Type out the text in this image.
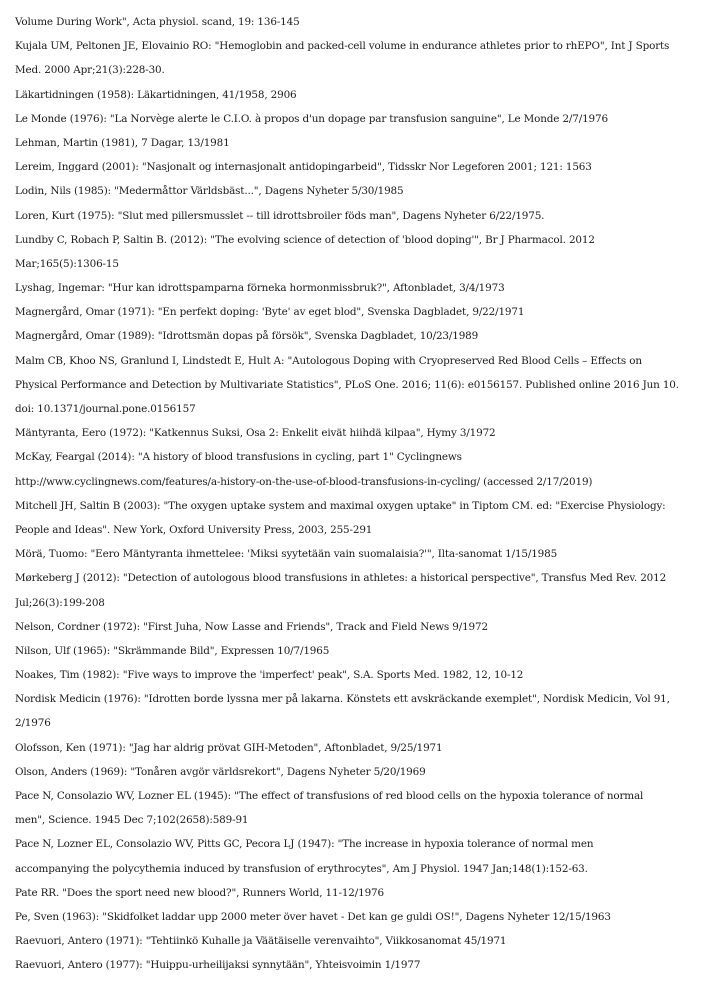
Volume During Work", Acta physiol. scand, 19: 136-145
Kujala UM, Peltonen JE, Elovainio RO: "Hemoglobin and packed-cell volume in endurance athletes prior to rhEPO", Int J Sports
Med. 2000 Apr;21(3):228-30.
Läkartidningen (1958): Läkartidningen, 41/1958, 2906
Le Monde (1976): "La Norvège alerte le C.I.O. à propos d'un dopage par transfusion sanguine", Le Monde 2/7/1976
Lehman, Martin (1981), 7 Dagar, 13/1981
Lereim, Inggard (2001): "Nasjonalt og internasjonalt antidopingarbeid", Tidsskr Nor Legeforen 2001; 121: 1563
Lodin, Nils (1985): "Medermåttor Världsbäst...", Dagens Nyheter 5/30/1985
Loren, Kurt (1975): "Slut med pillersmusslet -- till idrottsbroiler föds man", Dagens Nyheter 6/22/1975.
Lundby C, Robach P, Saltin B. (2012): "The evolving science of detection of 'blood doping'", Br J Pharmacol. 2012
Mar;165(5):1306-15
Lyshag, Ingemar: "Hur kan idrottspamparna förneka hormonmissbruk?", Aftonbladet, 3/4/1973
Magnergård, Omar (1971): "En perfekt doping: 'Byte' av eget blod", Svenska Dagbladet, 9/22/1971
Magnergård, Omar (1989): "Idrottsmän dopas på försök", Svenska Dagbladet, 10/23/1989
Malm CB, Khoo NS, Granlund I, Lindstedt E, Hult A: "Autologous Doping with Cryopreserved Red Blood Cells – Effects on
Physical Performance and Detection by Multivariate Statistics", PLoS One. 2016; 11(6): e0156157. Published online 2016 Jun 10.
doi: 10.1371/journal.pone.0156157
Mäntyranta, Eero (1972): "Katkennus Suksi, Osa 2: Enkelit eivät hiihdä kilpaa", Hymy 3/1972
McKay, Feargal (2014): "A history of blood transfusions in cycling, part 1" Cyclingnews
http://www.cyclingnews.com/features/a-history-on-the-use-of-blood-transfusions-in-cycling/ (accessed 2/17/2019)
Mitchell JH, Saltin B (2003): "The oxygen uptake system and maximal oxygen uptake" in Tiptom CM. ed: "Exercise Physiology:
People and Ideas". New York, Oxford University Press, 2003, 255-291
Mörä, Tuomo: "Eero Mäntyranta ihmettelee: 'Miksi syytetään vain suomalaisia?'", Ilta-sanomat 1/15/1985
Mørkeberg J (2012): "Detection of autologous blood transfusions in athletes: a historical perspective", Transfus Med Rev. 2012
Jul;26(3):199-208
Nelson, Cordner (1972): "First Juha, Now Lasse and Friends", Track and Field News 9/1972
Nilson, Ulf (1965): "Skrämmande Bild", Expressen 10/7/1965
Noakes, Tim (1982): "Five ways to improve the 'imperfect' peak", S.A. Sports Med. 1982, 12, 10-12
Nordisk Medicin (1976): "Idrotten borde lyssna mer på lakarna. Könstets ett avskräckande exemplet", Nordisk Medicin, Vol 91,
2/1976
Olofsson, Ken (1971): "Jag har aldrig prövat GIH-Metoden", Aftonbladet, 9/25/1971
Olson, Anders (1969): "Tonåren avgör världsrekort", Dagens Nyheter 5/20/1969
Pace N, Consolazio WV, Lozner EL (1945): "The effect of transfusions of red blood cells on the hypoxia tolerance of normal
men", Science. 1945 Dec 7;102(2658):589-91
Pace N, Lozner EL, Consolazio WV, Pitts GC, Pecora LJ (1947): "The increase in hypoxia tolerance of normal men
accompanying the polycythemia induced by transfusion of erythrocytes", Am J Physiol. 1947 Jan;148(1):152-63.
Pate RR. "Does the sport need new blood?", Runners World, 11-12/1976
Pe, Sven (1963): "Skidfolket laddar upp 2000 meter över havet - Det kan ge guldi OS!", Dagens Nyheter 12/15/1963
Raevuori, Antero (1971): "Tehtiinkö Kuhalle ja Väätäiselle verenvaihto", Viikkosanomat 45/1971
Raevuori, Antero (1977): "Huippu-urheilijaksi synnytään", Yhteisvoimin 1/1977
